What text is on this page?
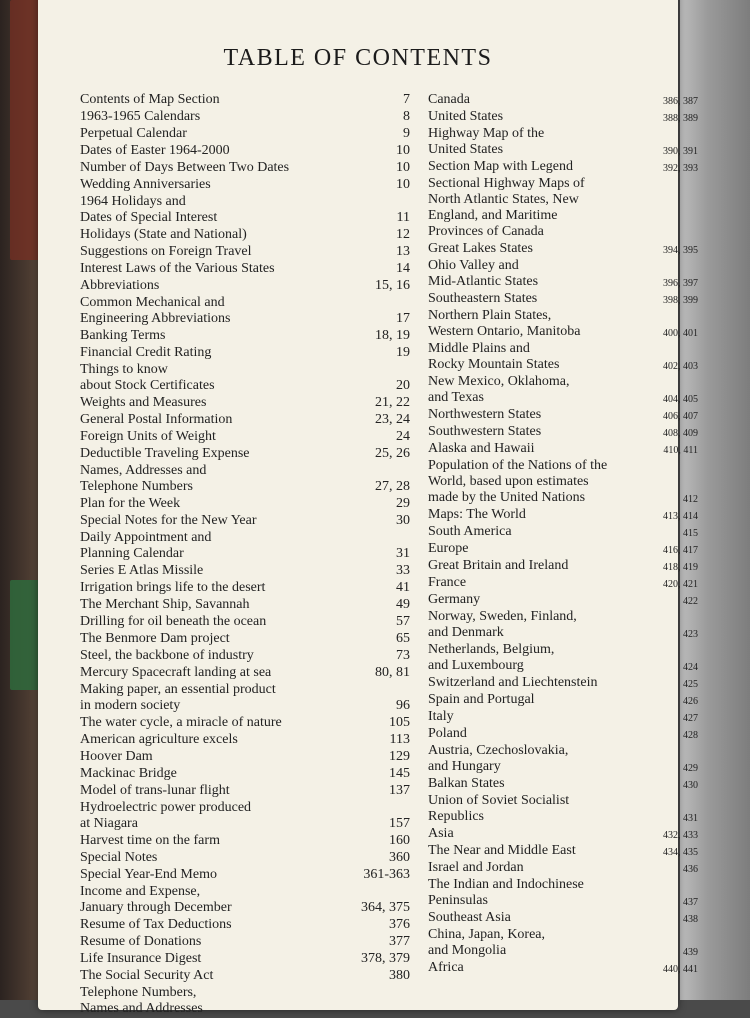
TABLE OF CONTENTS
Contents of Map Section	7
1963-1965 Calendars	8
Perpetual Calendar	9
Dates of Easter 1964-2000	10
Number of Days Between Two Dates	10
Wedding Anniversaries	10
1964 Holidays and
Dates of Special Interest	11
Holidays (State and National)	12
Suggestions on Foreign Travel	13
Interest Laws of the Various States	14
Abbreviations	15, 16
Common Mechanical and
Engineering Abbreviations	17
Banking Terms	18, 19
Financial Credit Rating	19
Things to know
about Stock Certificates	20
Weights and Measures	21, 22
General Postal Information	23, 24
Foreign Units of Weight	24
Deductible Traveling Expense	25, 26
Names, Addresses and
Telephone Numbers	27, 28
Plan for the Week	29
Special Notes for the New Year	30
Daily Appointment and
Planning Calendar	31
Series E Atlas Missile	33
Irrigation brings life to the desert	41
The Merchant Ship, Savannah	49
Drilling for oil beneath the ocean	57
The Benmore Dam project	65
Steel, the backbone of industry	73
Mercury Spacecraft landing at sea	80, 81
Making paper, an essential product
in modern society	96
The water cycle, a miracle of nature	105
American agriculture excels	113
Hoover Dam	129
Mackinac Bridge	145
Model of trans-lunar flight	137
Hydroelectric power produced
at Niagara	157
Harvest time on the farm	160
Special Notes	360
Special Year-End Memo	361-363
Income and Expense,
January through December	364, 375
Resume of Tax Deductions	376
Resume of Donations	377
Life Insurance Digest	378, 379
The Social Security Act	380
Telephone Numbers,
Names and Addresses
Canada	386, 387
United States	388, 389
Highway Map of the
United States	390, 391
Section Map with Legend	392, 393
Sectional Highway Maps of
North Atlantic States, New
England, and Maritime
Provinces of Canada
Great Lakes States	394, 395
Ohio Valley and
Mid-Atlantic States	396, 397
Southeastern States	398, 399
Northern Plain States,
Western Ontario, Manitoba	400, 401
Middle Plains and
Rocky Mountain States	402, 403
New Mexico, Oklahoma,
and Texas	404, 405
Northwestern States	406, 407
Southwestern States	408, 409
Alaska and Hawaii	410, 411
Population of the Nations of the
World, based upon estimates
made by the United Nations	412
Maps: The World	413, 414
South America	415
Europe	416, 417
Great Britain and Ireland	418, 419
France	420, 421
Germany	422
Norway, Sweden, Finland,
and Denmark	423
Netherlands, Belgium,
and Luxembourg	424
Switzerland and Liechtenstein	425
Spain and Portugal	426
Italy	427
Poland	428
Austria, Czechoslovakia,
and Hungary	429
Balkan States	430
Union of Soviet Socialist
Republics	431
Asia	432, 433
The Near and Middle East	434, 435
Israel and Jordan	436
The Indian and Indochinese
Peninsulas	437
Southeast Asia	438
China, Japan, Korea,
and Mongolia	439
Africa	440, 441
